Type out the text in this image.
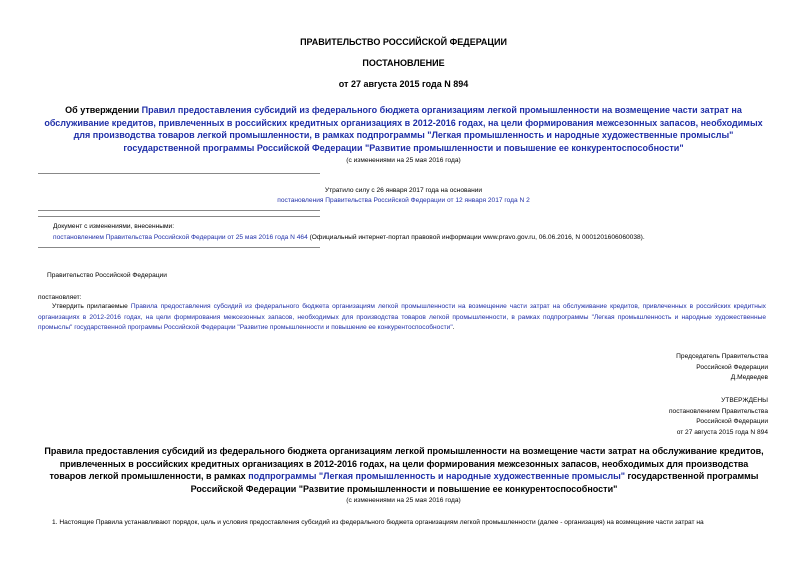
ПРАВИТЕЛЬСТВО РОССИЙСКОЙ ФЕДЕРАЦИИ
ПОСТАНОВЛЕНИЕ
от 27 августа 2015 года N 894
Об утверждении Правил предоставления субсидий из федерального бюджета организациям легкой промышленности на возмещение части затрат на обслуживание кредитов, привлеченных в российских кредитных организациях в 2012-2016 годах, на цели формирования межсезонных запасов, необходимых для производства товаров легкой промышленности, в рамках подпрограммы "Легкая промышленность и народные художественные промыслы" государственной программы Российской Федерации "Развитие промышленности и повышение ее конкурентоспособности"
(с изменениями на 25 мая 2016 года)
Утратило силу с 26 января 2017 года на основании
постановления Правительства Российской Федерации от 12 января 2017 года N 2
Документ с изменениями, внесенными:
постановлением Правительства Российской Федерации от 25 мая 2016 года N 464 (Официальный интернет-портал правовой информации www.pravo.gov.ru, 06.06.2016, N 0001201606060038).
Правительство Российской Федерации
постановляет:
Утвердить прилагаемые Правила предоставления субсидий из федерального бюджета организациям легкой промышленности на возмещение части затрат на обслуживание кредитов, привлеченных в российских кредитных организациях в 2012-2016 годах, на цели формирования межсезонных запасов, необходимых для производства товаров легкой промышленности, в рамках подпрограммы "Легкая промышленность и народные художественные промыслы" государственной программы Российской Федерации "Развитие промышленности и повышение ее конкурентоспособности".
Председатель Правительства
Российской Федерации
Д.Медведев
УТВЕРЖДЕНЫ
постановлением Правительства
Российской Федерации
от 27 августа 2015 года N 894
Правила предоставления субсидий из федерального бюджета организациям легкой промышленности на возмещение части затрат на обслуживание кредитов, привлеченных в российских кредитных организациях в 2012-2016 годах, на цели формирования межсезонных запасов, необходимых для производства товаров легкой промышленности, в рамках подпрограммы "Легкая промышленность и народные художественные промыслы" государственной программы Российской Федерации "Развитие промышленности и повышение ее конкурентоспособности"
(с изменениями на 25 мая 2016 года)
1. Настоящие Правила устанавливают порядок, цель и условия предоставления субсидий из федерального бюджета организациям легкой промышленности (далее - организация) на возмещение части затрат на
